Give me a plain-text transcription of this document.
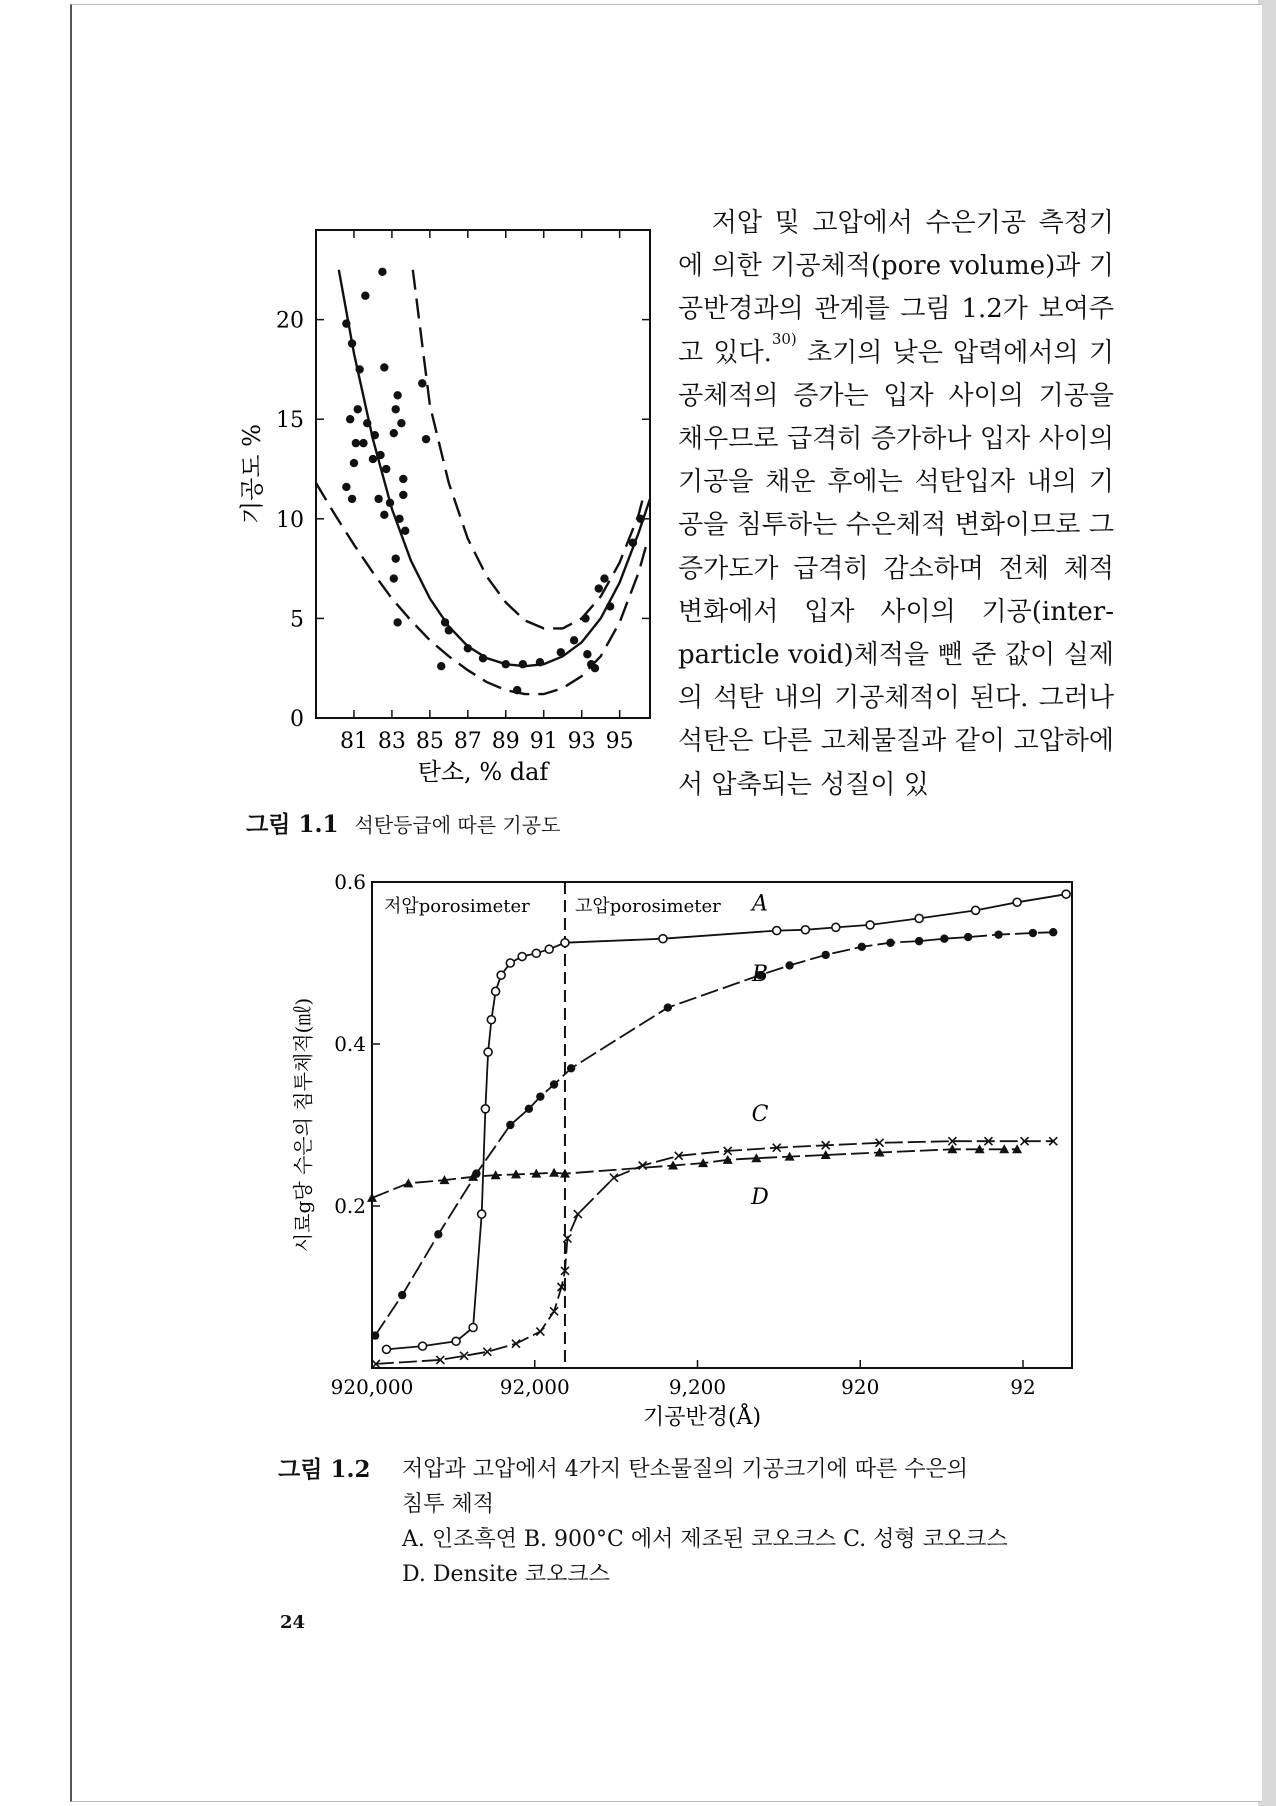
81 83 85 87 89 91 93 95
0
5
10
15
20
탄소, % daf
기공도 %
그림 1.1 석탄등급에 따른 기공도

저압 및 고압에서 수은기공 측정기에 의한 기공체적(pore volume)과 기공반경과의 관계를 그림 1.2가 보여주고 있다.$^{30)}$ 초기의 낮은 압력에서의 기공체적의 증가는 입자 사이의 기공을 채우므로 급격히 증가하나 입자 사이의 기공을 채운 후에는 석탄입자 내의 기공을 침투하는 수은체적 변화이므로 그 증가도가 급격히 감소하며 전체 체적 변화에서 입자 사이의 기공(inter-particle void)체적을 뺀 준 값이 실제의 석탄 내의 기공체적이 된다. 그러나 석탄은 다른 고체물질과 같이 고압하에서 압축되는 성질이 있

920,000	92,000	9,200	920	92
0.2
0.4
0.6
기공반경(Å)
시료g당 수은의 침투체적(㎖)
저압porosimeter	고압porosimeter A
B
C
D
그림 1.2	저압과 고압에서 4가지 탄소물질의 기공크기에 따른 수은의
침투 체적
A. 인조흑연 B. 900°C 에서 제조된 코오크스 C. 성형 코오크스
D. Densite 코오크스
24
